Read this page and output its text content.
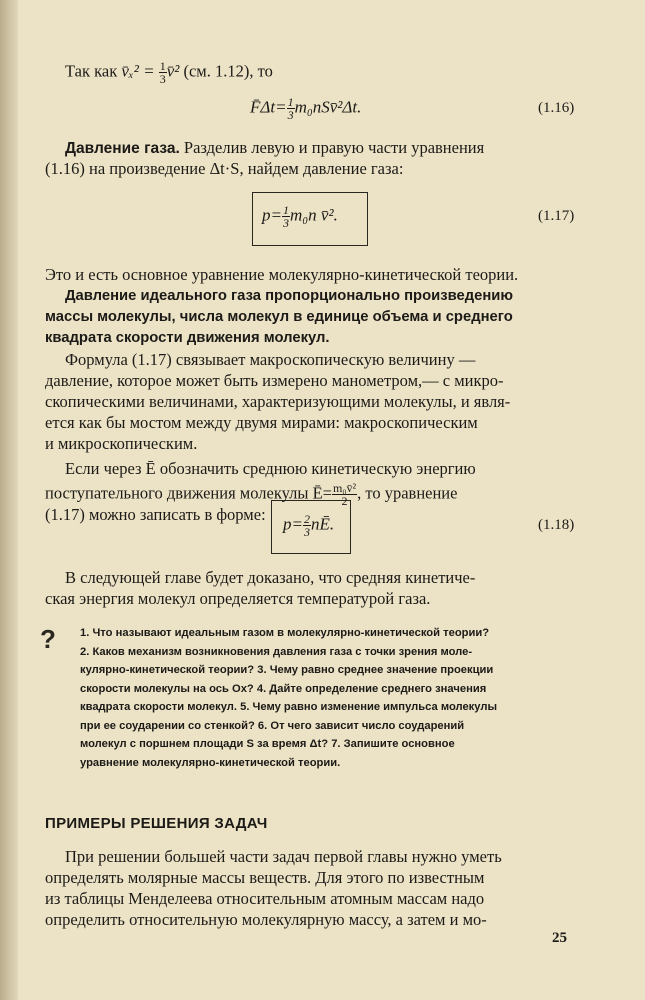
Так как v̄ₓ² = $\frac{1}{3}$ v̄² (см. 1.12), то
F̄Δt= $\frac{1}{3}$ m₀nSv̄²Δt.	(1.16)
Давление газа. Разделив левую и правую части уравнения
(1.16) на произведение Δt·S, найдем давление газа:
$p= \frac{1}{3} m_0n$ v̄².	(1.17)
Это и есть основное уравнение молекулярно-кинетической теории.
Давление идеального газа пропорционально произведению
массы молекулы, числа молекул в единице объема и среднего
квадрата скорости движения молекул.
Формула (1.17) связывает макроскопическую величину —
давление, которое может быть измерено манометром,— с микро-
скопическими величинами, характеризующими молекулы, и явля-
ется как бы мостом между двумя мирами: макроскопическим
и микроскопическим.
Если через Ē обозначить среднюю кинетическую энергию
поступательного движения молекулы Ē= $\frac{\text{m₀v̄²}}{2}$ , то уравнение
(1.17) можно записать в форме: $p= \frac{2}{3}$ nĒ.	(1.18)
В следующей главе будет доказано, что средняя кинетиче-
ская энергия молекул определяется температурой газа.
? 1. Что называют идеальным газом в молекулярно-кинетической теории?
2. Каков механизм возникновения давления газа с точки зрения моле-
кулярно-кинетической теории? 3. Чему равно среднее значение проекции
скорости молекулы на ось Ox? 4. Дайте определение среднего значения
квадрата скорости молекул. 5. Чему равно изменение импульса молекулы
при ее соударении со стенкой? 6. От чего зависит число соударений
молекул с поршнем площади S за время Δt? 7. Запишите основное
уравнение молекулярно-кинетической теории.
ПРИМЕРЫ РЕШЕНИЯ ЗАДАЧ
При решении большей части задач первой главы нужно уметь
определять молярные массы веществ. Для этого по известным
из таблицы Менделеева относительным атомным массам надо
определить относительную молекулярную массу, а затем и мо-
25
